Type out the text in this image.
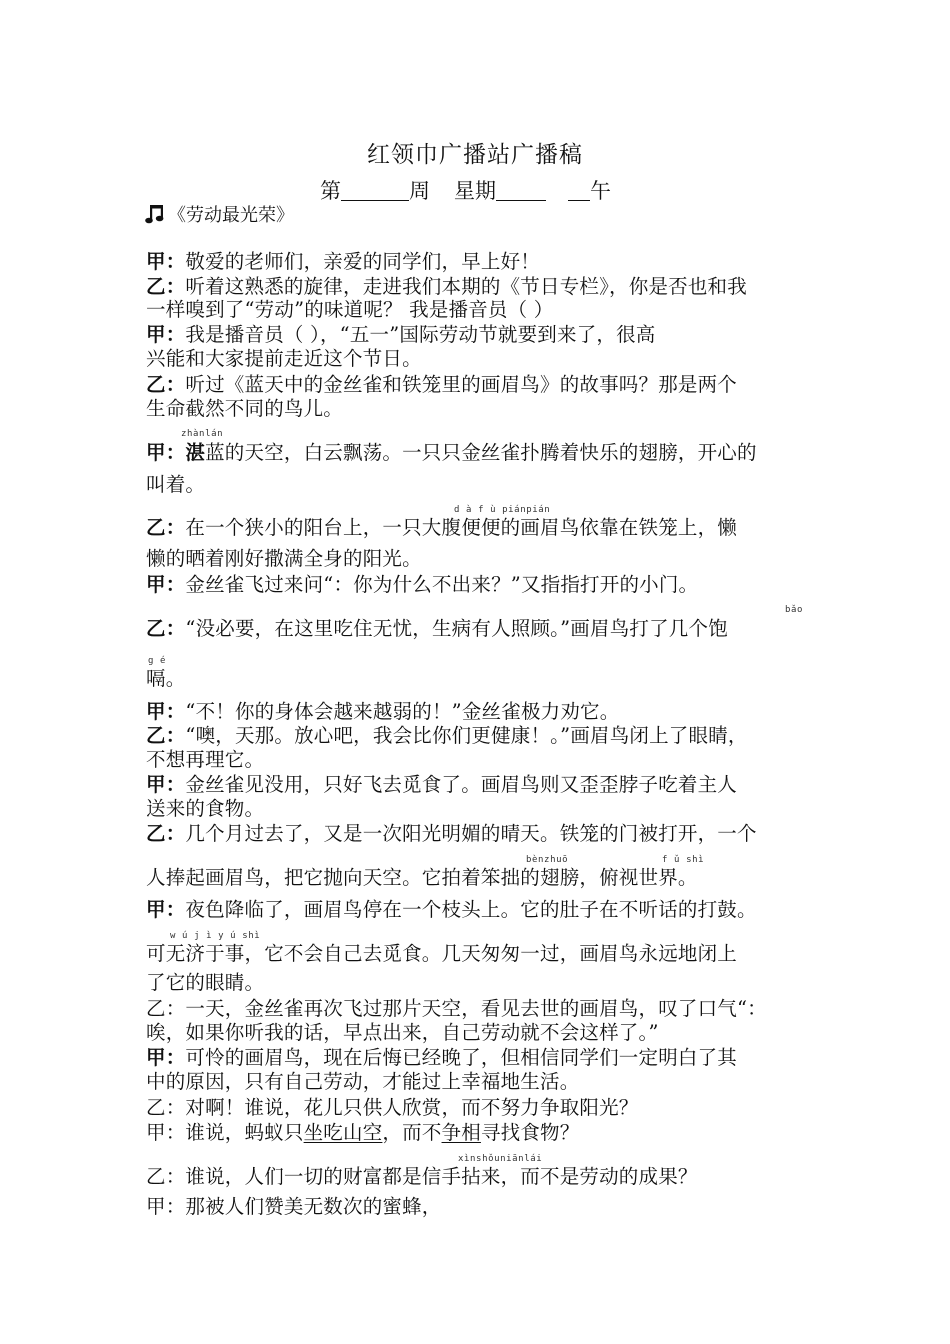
红领巾广播站广播稿
第	周 星期	午
《劳动最光荣》
甲：敬爱的老师们，亲爱的同学们，早上好！
乙：听着这熟悉的旋律，走进我们本期的《节日专栏》，你是否也和我
一样嗅到了“劳动”的味道呢？ 我是播音员（ ）
甲：我是播音员（ ），“五一”国际劳动节就要到来了，很高
兴能和大家提前走近这个节日。
乙：听过《蓝天中的金丝雀和铁笼里的画眉鸟》的故事吗？那是两个
生命截然不同的鸟儿。
zhànlán
甲：湛蓝的天空，白云飘荡。一只只金丝雀扑腾着快乐的翅膀，开心的
叫着。
d à f ù piánpián
乙：在一个狭小的阳台上，一只大腹便便的画眉鸟依靠在铁笼上，懒
懒的晒着刚好撒满全身的阳光。
甲：金丝雀飞过来问“：你为什么不出来？”又指指打开的小门。
bǎo
乙：“没必要，在这里吃住无忧，生病有人照顾。”画眉鸟打了几个饱
g é
嗝。
甲：“不！你的身体会越来越弱的！”金丝雀极力劝它。
乙：“噢，天那。放心吧，我会比你们更健康！。”画眉鸟闭上了眼睛，
不想再理它。
甲：金丝雀见没用，只好飞去觅食了。画眉鸟则又歪歪脖子吃着主人
送来的食物。
乙：几个月过去了，又是一次阳光明媚的晴天。铁笼的门被打开，一个
bènzhuō	f ǔ shì
人捧起画眉鸟，把它抛向天空。它拍着笨拙的翅膀，俯视世界。
甲：夜色降临了，画眉鸟停在一个枝头上。它的肚子在不听话的打鼓。
w ú j ì y ú shì
可无济于事，它不会自己去觅食。几天匆匆一过，画眉鸟永远地闭上
了它的眼睛。
乙：一天，金丝雀再次飞过那片天空，看见去世的画眉鸟，叹了口气“：
唉，如果你听我的话，早点出来，自己劳动就不会这样了。”
甲：可怜的画眉鸟，现在后悔已经晚了，但相信同学们一定明白了其
中的原因，只有自己劳动，才能过上幸福地生活。
乙：对啊！谁说，花儿只供人欣赏，而不努力争取阳光？
甲：谁说，蚂蚁只坐吃山空，而不争相寻找食物？
xìnshǒuniānlái
乙：谁说，人们一切的财富都是信手拈来，而不是劳动的成果？
甲：那被人们赞美无数次的蜜蜂，
